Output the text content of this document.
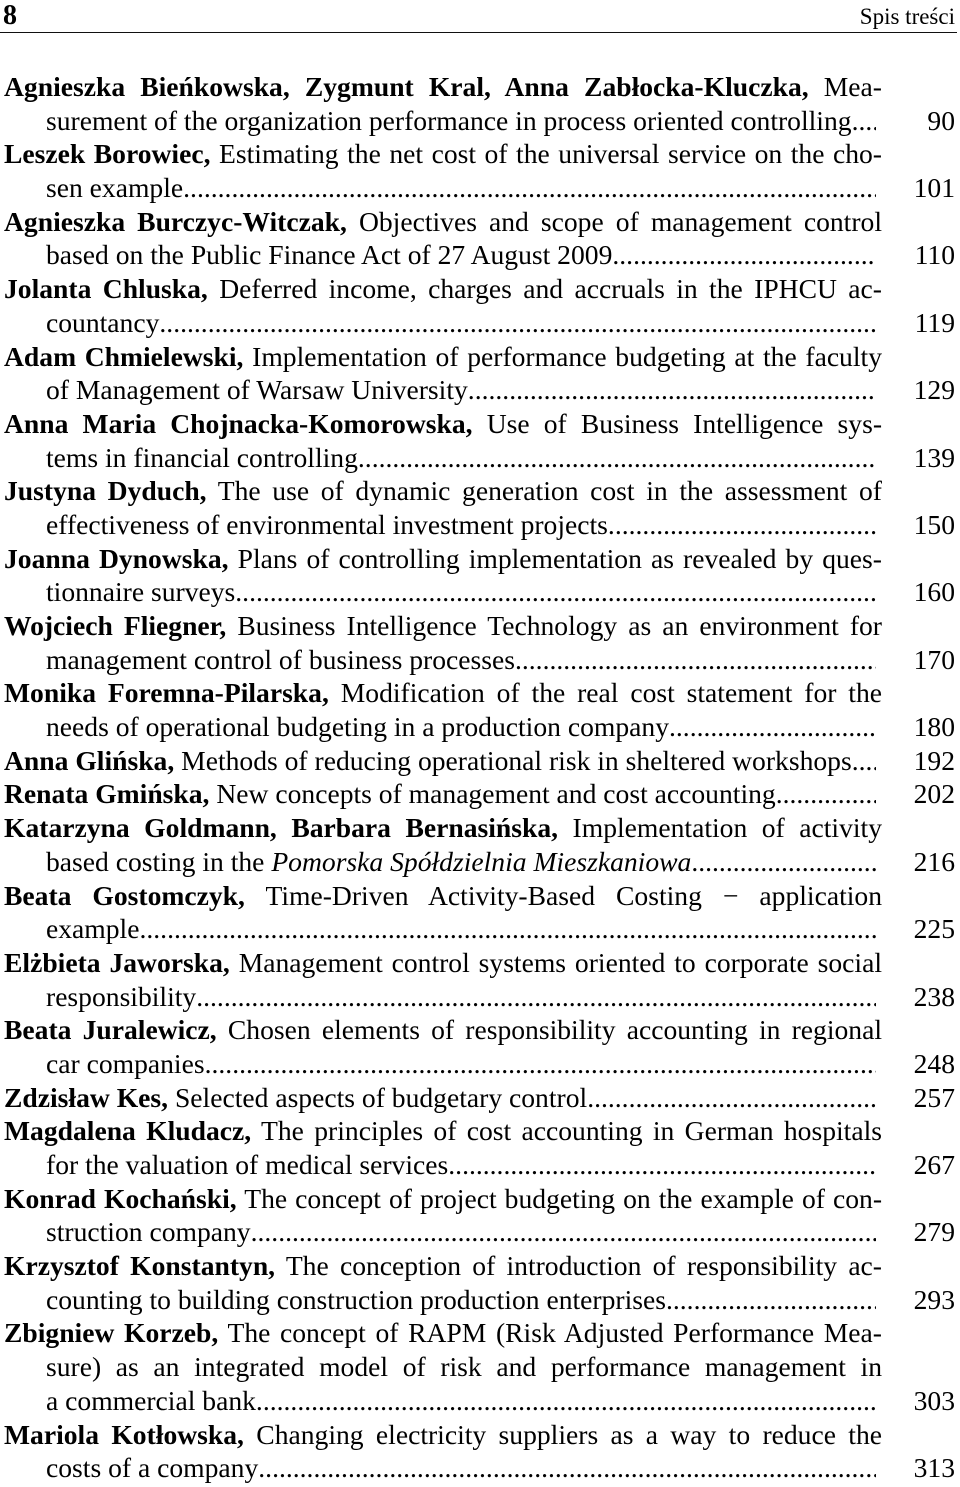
8	Spis treści
Agnieszka Bieńkowska, Zygmunt Kral, Anna Zabłocka-Kluczka, Mea-
surement of the organization performance in process oriented controlling .....	90
Leszek Borowiec, Estimating the net cost of the universal service on the cho-
sen example .....	101
Agnieszka Burczyc-Witczak, Objectives and scope of management control
based on the Public Finance Act of 27 August 2009 .....	110
Jolanta Chluska, Deferred income, charges and accruals in the IPHCU ac-
countancy .....	119
Adam Chmielewski, Implementation of performance budgeting at the faculty
of Management of Warsaw University .....	129
Anna Maria Chojnacka-Komorowska, Use of Business Intelligence sys-
tems in financial controlling .....	139
Justyna Dyduch, The use of dynamic generation cost in the assessment of
effectiveness of environmental investment projects .....	150
Joanna Dynowska, Plans of controlling implementation as revealed by ques-
tionnaire surveys .....	160
Wojciech Fliegner, Business Intelligence Technology as an environment for
management control of business processes .....	170
Monika Foremna-Pilarska, Modification of the real cost statement for the
needs of operational budgeting in a production company .....	180
Anna Glińska, Methods of reducing operational risk in sheltered workshops ..... 192
Renata Gmińska, New concepts of management and cost accounting .....	202
Katarzyna Goldmann, Barbara Bernasińska, Implementation of activity
based costing in the Pomorska Spółdzielnia Mieszkaniowa .....	216
Beata Gostomczyk, Time-Driven Activity-Based Costing − application
example .....	225
Elżbieta Jaworska, Management control systems oriented to corporate social
responsibility .....	238
Beata Juralewicz, Chosen elements of responsibility accounting in regional
car companies .....	248
Zdzisław Kes, Selected aspects of budgetary control .....	257
Magdalena Kludacz, The principles of cost accounting in German hospitals
for the valuation of medical services .....	267
Konrad Kochański, The concept of project budgeting on the example of con-
struction company .....	279
Krzysztof Konstantyn, The conception of introduction of responsibility ac-
counting to building construction production enterprises .....	293
Zbigniew Korzeb, The concept of RAPM (Risk Adjusted Performance Mea-
sure) as an integrated model of risk and performance management in
a commercial bank .....	303
Mariola Kotłowska, Changing electricity suppliers as a way to reduce the
costs of a company .....	313
